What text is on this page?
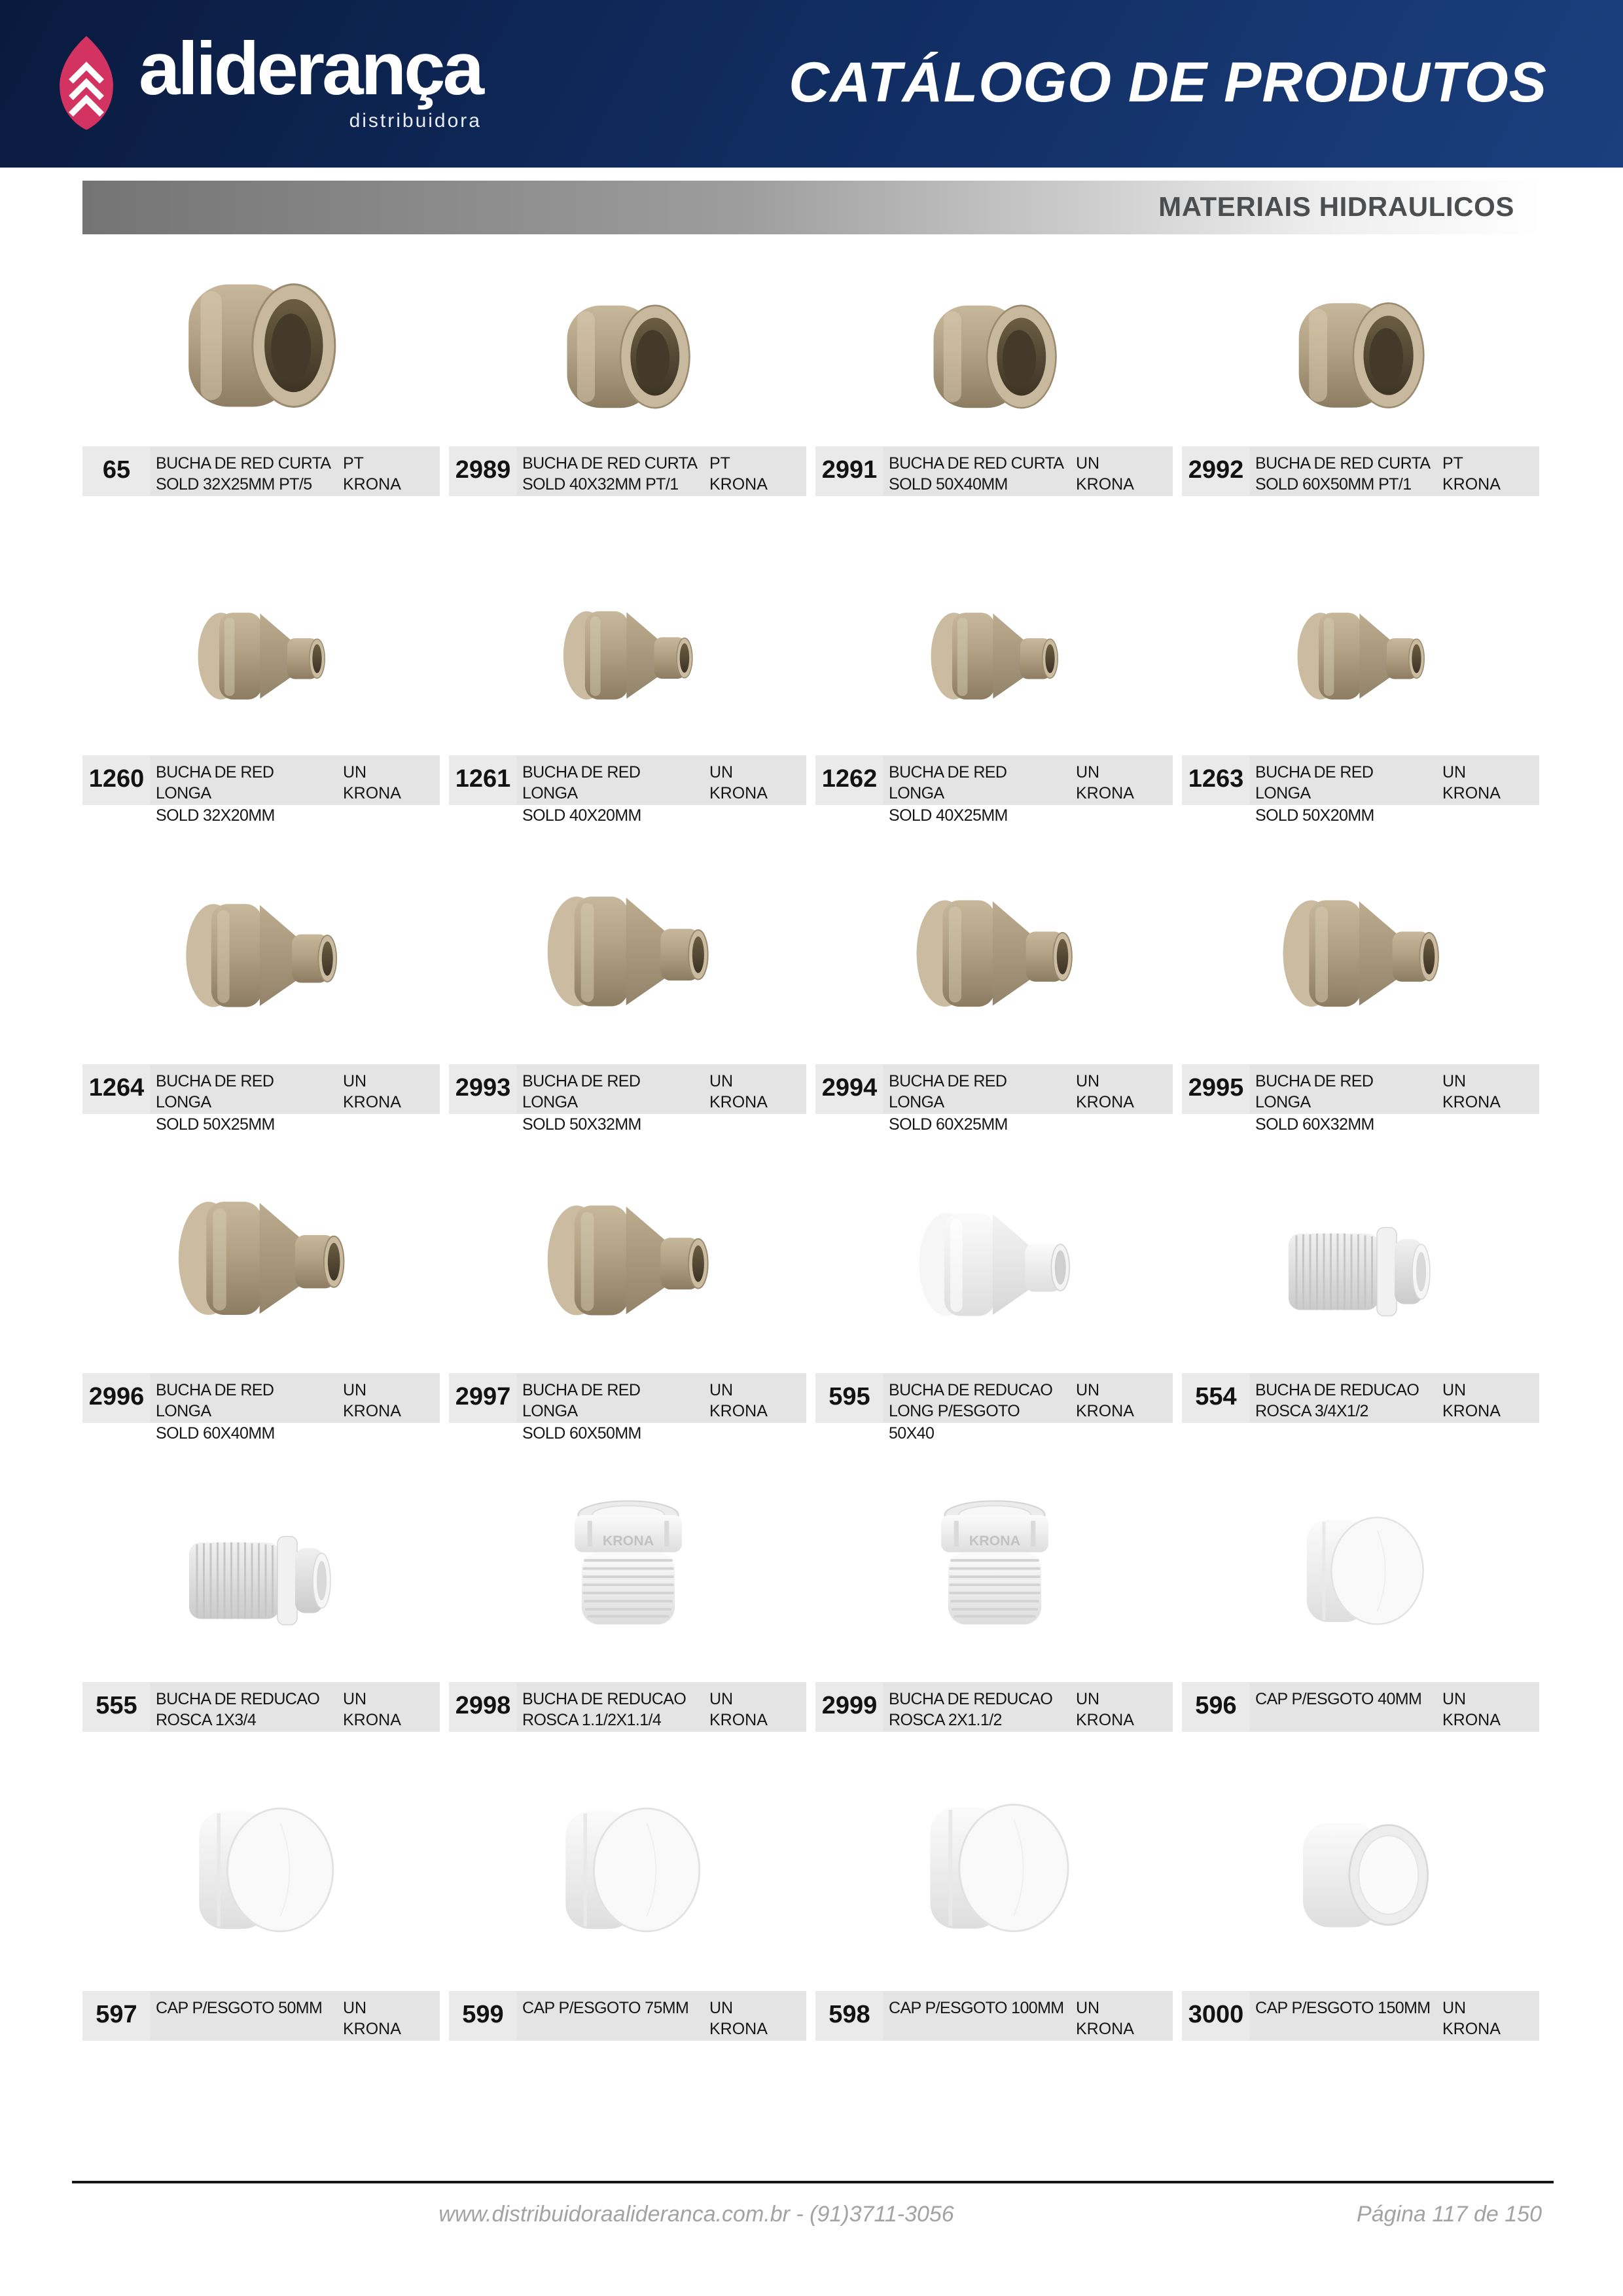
aliderança
distribuidora
CATÁLOGO DE PRODUTOS
MATERIAIS HIDRAULICOS
65	BUCHA DE RED CURTA
SOLD 32X25MM PT/5
PT
KRONA
2989	BUCHA DE RED CURTA
SOLD 40X32MM PT/1
PT
KRONA
2991	BUCHA DE RED CURTA
SOLD 50X40MM
UN
KRONA
2992	BUCHA DE RED CURTA
SOLD 60X50MM PT/1
PT
KRONA
1260	BUCHA DE RED LONGA
SOLD 32X20MM
UN
KRONA
1261	BUCHA DE RED LONGA
SOLD 40X20MM
UN
KRONA
1262	BUCHA DE RED LONGA
SOLD 40X25MM
UN
KRONA
1263	BUCHA DE RED LONGA
SOLD 50X20MM
UN
KRONA
1264	BUCHA DE RED LONGA
SOLD 50X25MM
UN
KRONA
2993	BUCHA DE RED LONGA
SOLD 50X32MM
UN
KRONA
2994	BUCHA DE RED LONGA
SOLD 60X25MM
UN
KRONA
2995	BUCHA DE RED LONGA
SOLD 60X32MM
UN
KRONA
2996	BUCHA DE RED LONGA
SOLD 60X40MM
UN
KRONA
2997	BUCHA DE RED LONGA
SOLD 60X50MM
UN
KRONA
595	BUCHA DE REDUCAO
LONG P/ESGOTO 50X40
UN
KRONA
554	BUCHA DE REDUCAO
ROSCA 3/4X1/2
UN
KRONA
555	BUCHA DE REDUCAO
ROSCA 1X3/4
UN
KRONA
2998	BUCHA DE REDUCAO
ROSCA 1.1/2X1.1/4
UN
KRONA
2999	BUCHA DE REDUCAO
ROSCA 2X1.1/2
UN
KRONA
596	CAP P/ESGOTO 40MM	UN
KRONA
597	CAP P/ESGOTO 50MM	UN
KRONA
599	CAP P/ESGOTO 75MM	UN
KRONA
598	CAP P/ESGOTO 100MM UN
KRONA
3000	CAP P/ESGOTO 150MM UN
KRONA
www.distribuidoraalideranca.com.br - (91)3711-3056	Página 117 de 150
